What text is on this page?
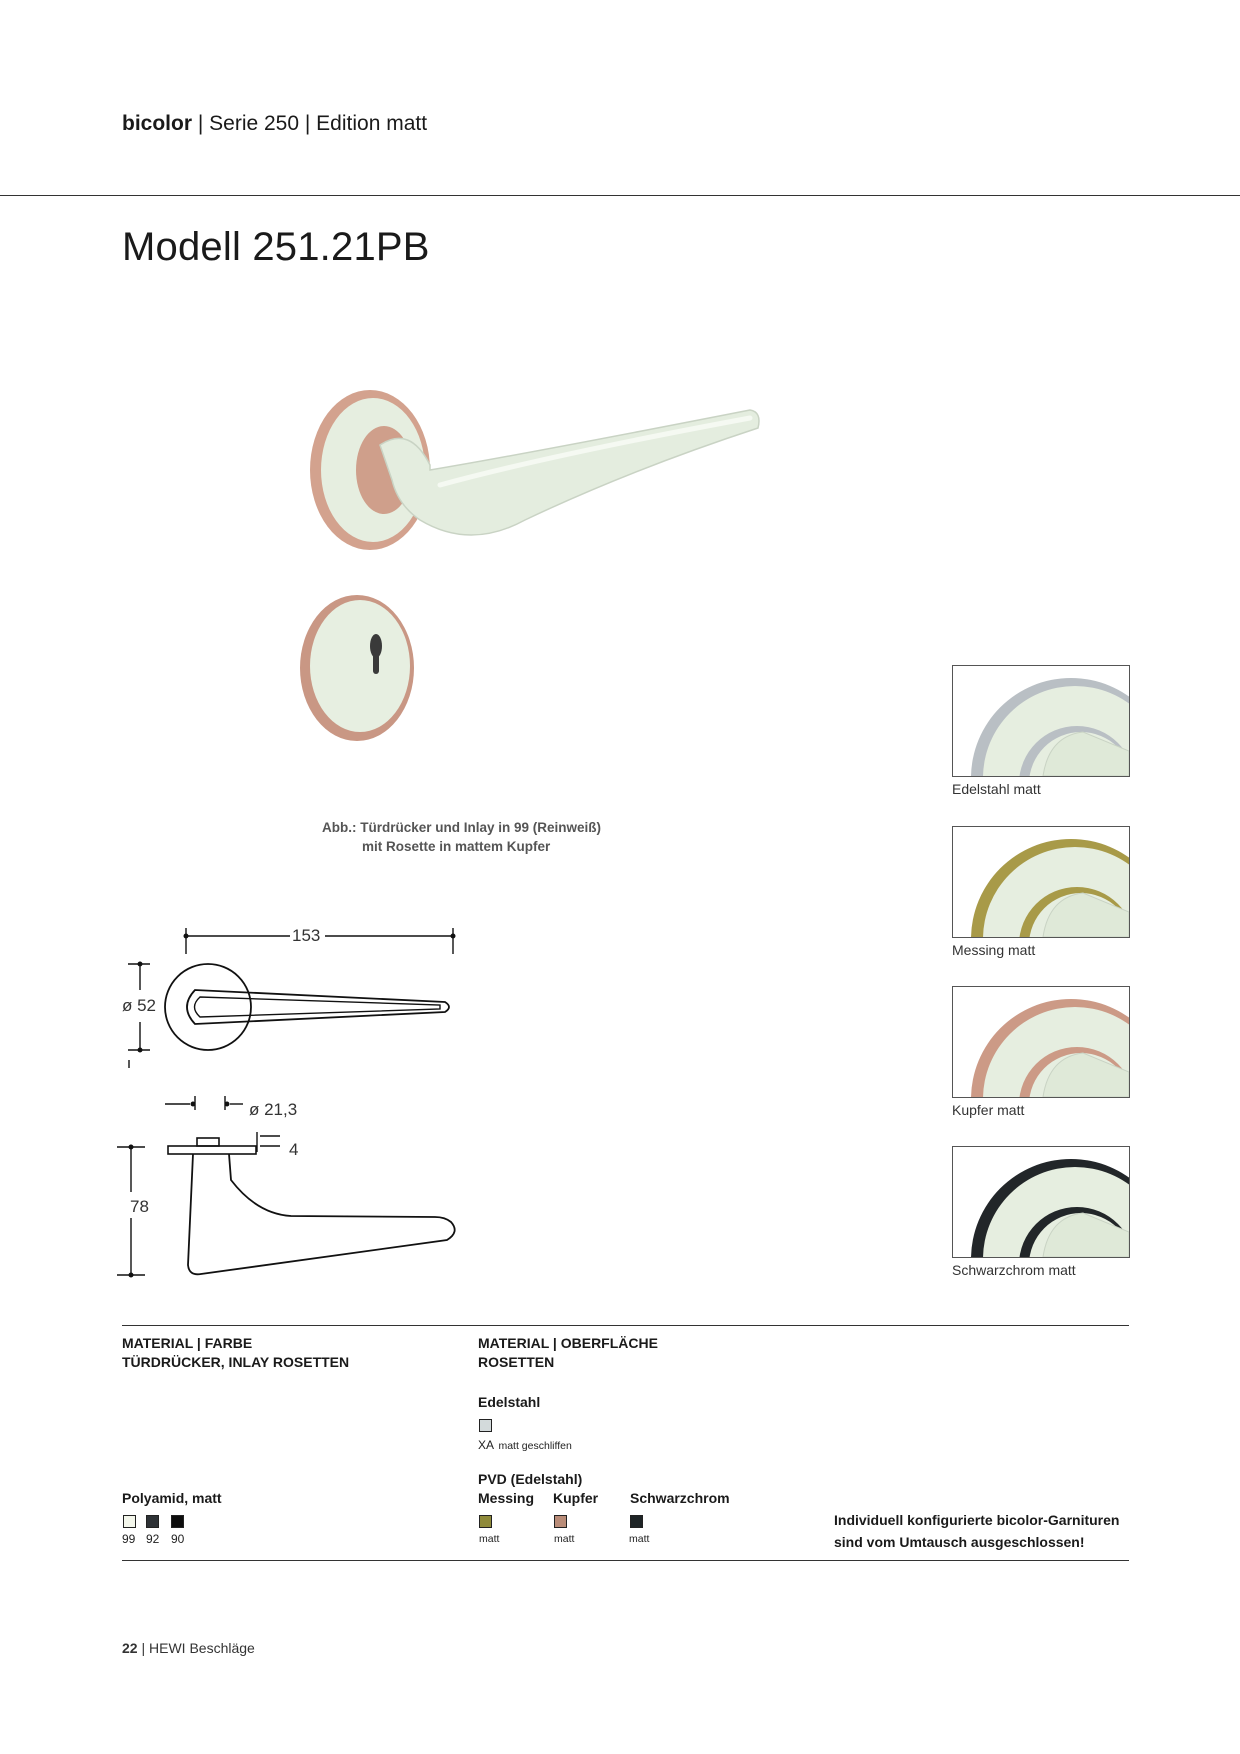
bicolor | Serie 250 | Edition matt
Modell 251.21PB
Abb.: Türdrücker und Inlay in 99 (Reinweiß)
mit Rosette in mattem Kupfer
153
ø 52
ø 21,3
4
78
Edelstahl matt
Messing matt
Kupfer matt
Schwarzchrom matt
MATERIAL | FARBE
TÜRDRÜCKER, INLAY ROSETTEN
MATERIAL | OBERFLÄCHE
ROSETTEN
Edelstahl
XA matt geschliffen
PVD (Edelstahl)
Messing
matt
Kupfer
matt
Schwarzchrom
matt
Polyamid, matt
99 92 90
Individuell konfigurierte bicolor-Garnituren
sind vom Umtausch ausgeschlossen!
22 | HEWI Beschläge
